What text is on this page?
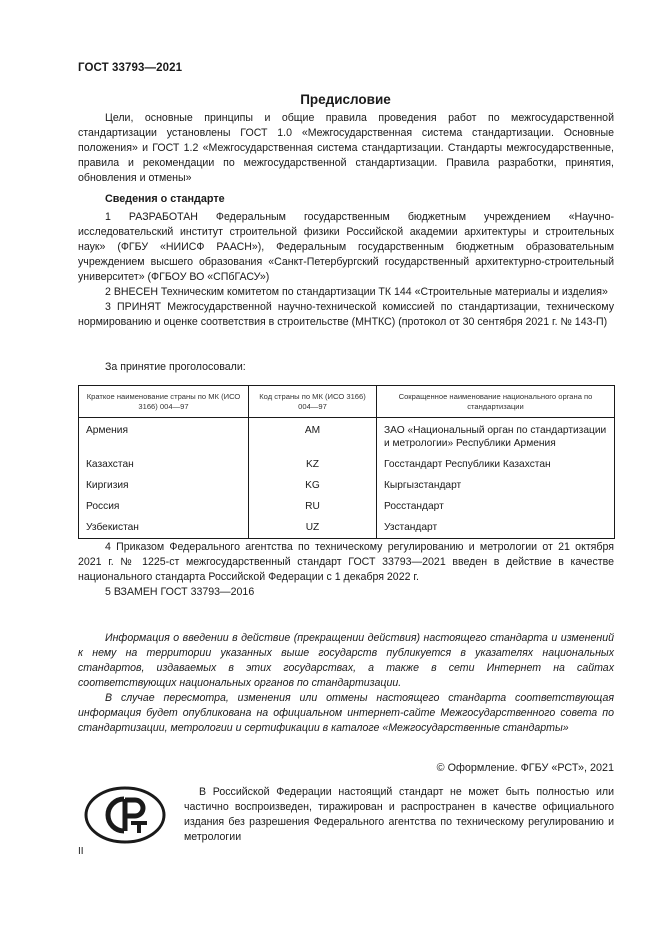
ГОСТ 33793—2021
Предисловие

Цели, основные принципы и общие правила проведения работ по межгосударственной стандартизации установлены ГОСТ 1.0 «Межгосударственная система стандартизации. Основные положения» и ГОСТ 1.2 «Межгосударственная система стандартизации. Стандарты межгосударственные, правила и рекомендации по межгосударственной стандартизации. Правила разработки, принятия, обновления и отмены»

Сведения о стандарте

1 РАЗРАБОТАН Федеральным государственным бюджетным учреждением «Научно-исследовательский институт строительной физики Российской академии архитектуры и строительных наук» (ФГБУ «НИИСФ РААСН»), Федеральным государственным бюджетным образовательным учреждением высшего образования «Санкт-Петербургский государственный архитектурно-строительный университет» (ФГБОУ ВО «СПбГАСУ»)

2 ВНЕСЕН Техническим комитетом по стандартизации ТК 144 «Строительные материалы и изделия»

3 ПРИНЯТ Межгосударственной научно-технической комиссией по стандартизации, техническому нормированию и оценке соответствия в строительстве (МНТКС) (протокол от 30 сентября 2021 г. № 143-П)

За принятие проголосовали:
Краткое наименование страны по МК (ИСО 3166) 004—97	Код страны по МК (ИСО 3166) 004—97	Сокращенное наименование национального органа по стандартизации
Армения	AM	ЗАО «Национальный орган по стандартизации и метрологии» Республики Армения
Казахстан	KZ	Госстандарт Республики Казахстан
Киргизия	KG	Кыргызстандарт
Россия	RU	Росстандарт
Узбекистан	UZ	Узстандарт

4 Приказом Федерального агентства по техническому регулированию и метрологии от 21 октября 2021 г. № 1225-ст межгосударственный стандарт ГОСТ 33793—2021 введен в действие в качестве национального стандарта Российской Федерации с 1 декабря 2022 г.

5 ВЗАМЕН ГОСТ 33793—2016

Информация о введении в действие (прекращении действия) настоящего стандарта и изменений к нему на территории указанных выше государств публикуется в указателях национальных стандартов, издаваемых в этих государствах, а также в сети Интернет на сайтах соответствующих национальных органов по стандартизации.

В случае пересмотра, изменения или отмены настоящего стандарта соответствующая информация будет опубликована на официальном интернет-сайте Межгосударственного совета по стандартизации, метрологии и сертификации в каталоге «Межгосударственные стандарты»

© Оформление. ФГБУ «РСТ», 2021

В Российской Федерации настоящий стандарт не может быть полностью или частично воспроизведен, тиражирован и распространен в качестве официального издания без разрешения Федерального агентства по техническому регулированию и метрологии

II
